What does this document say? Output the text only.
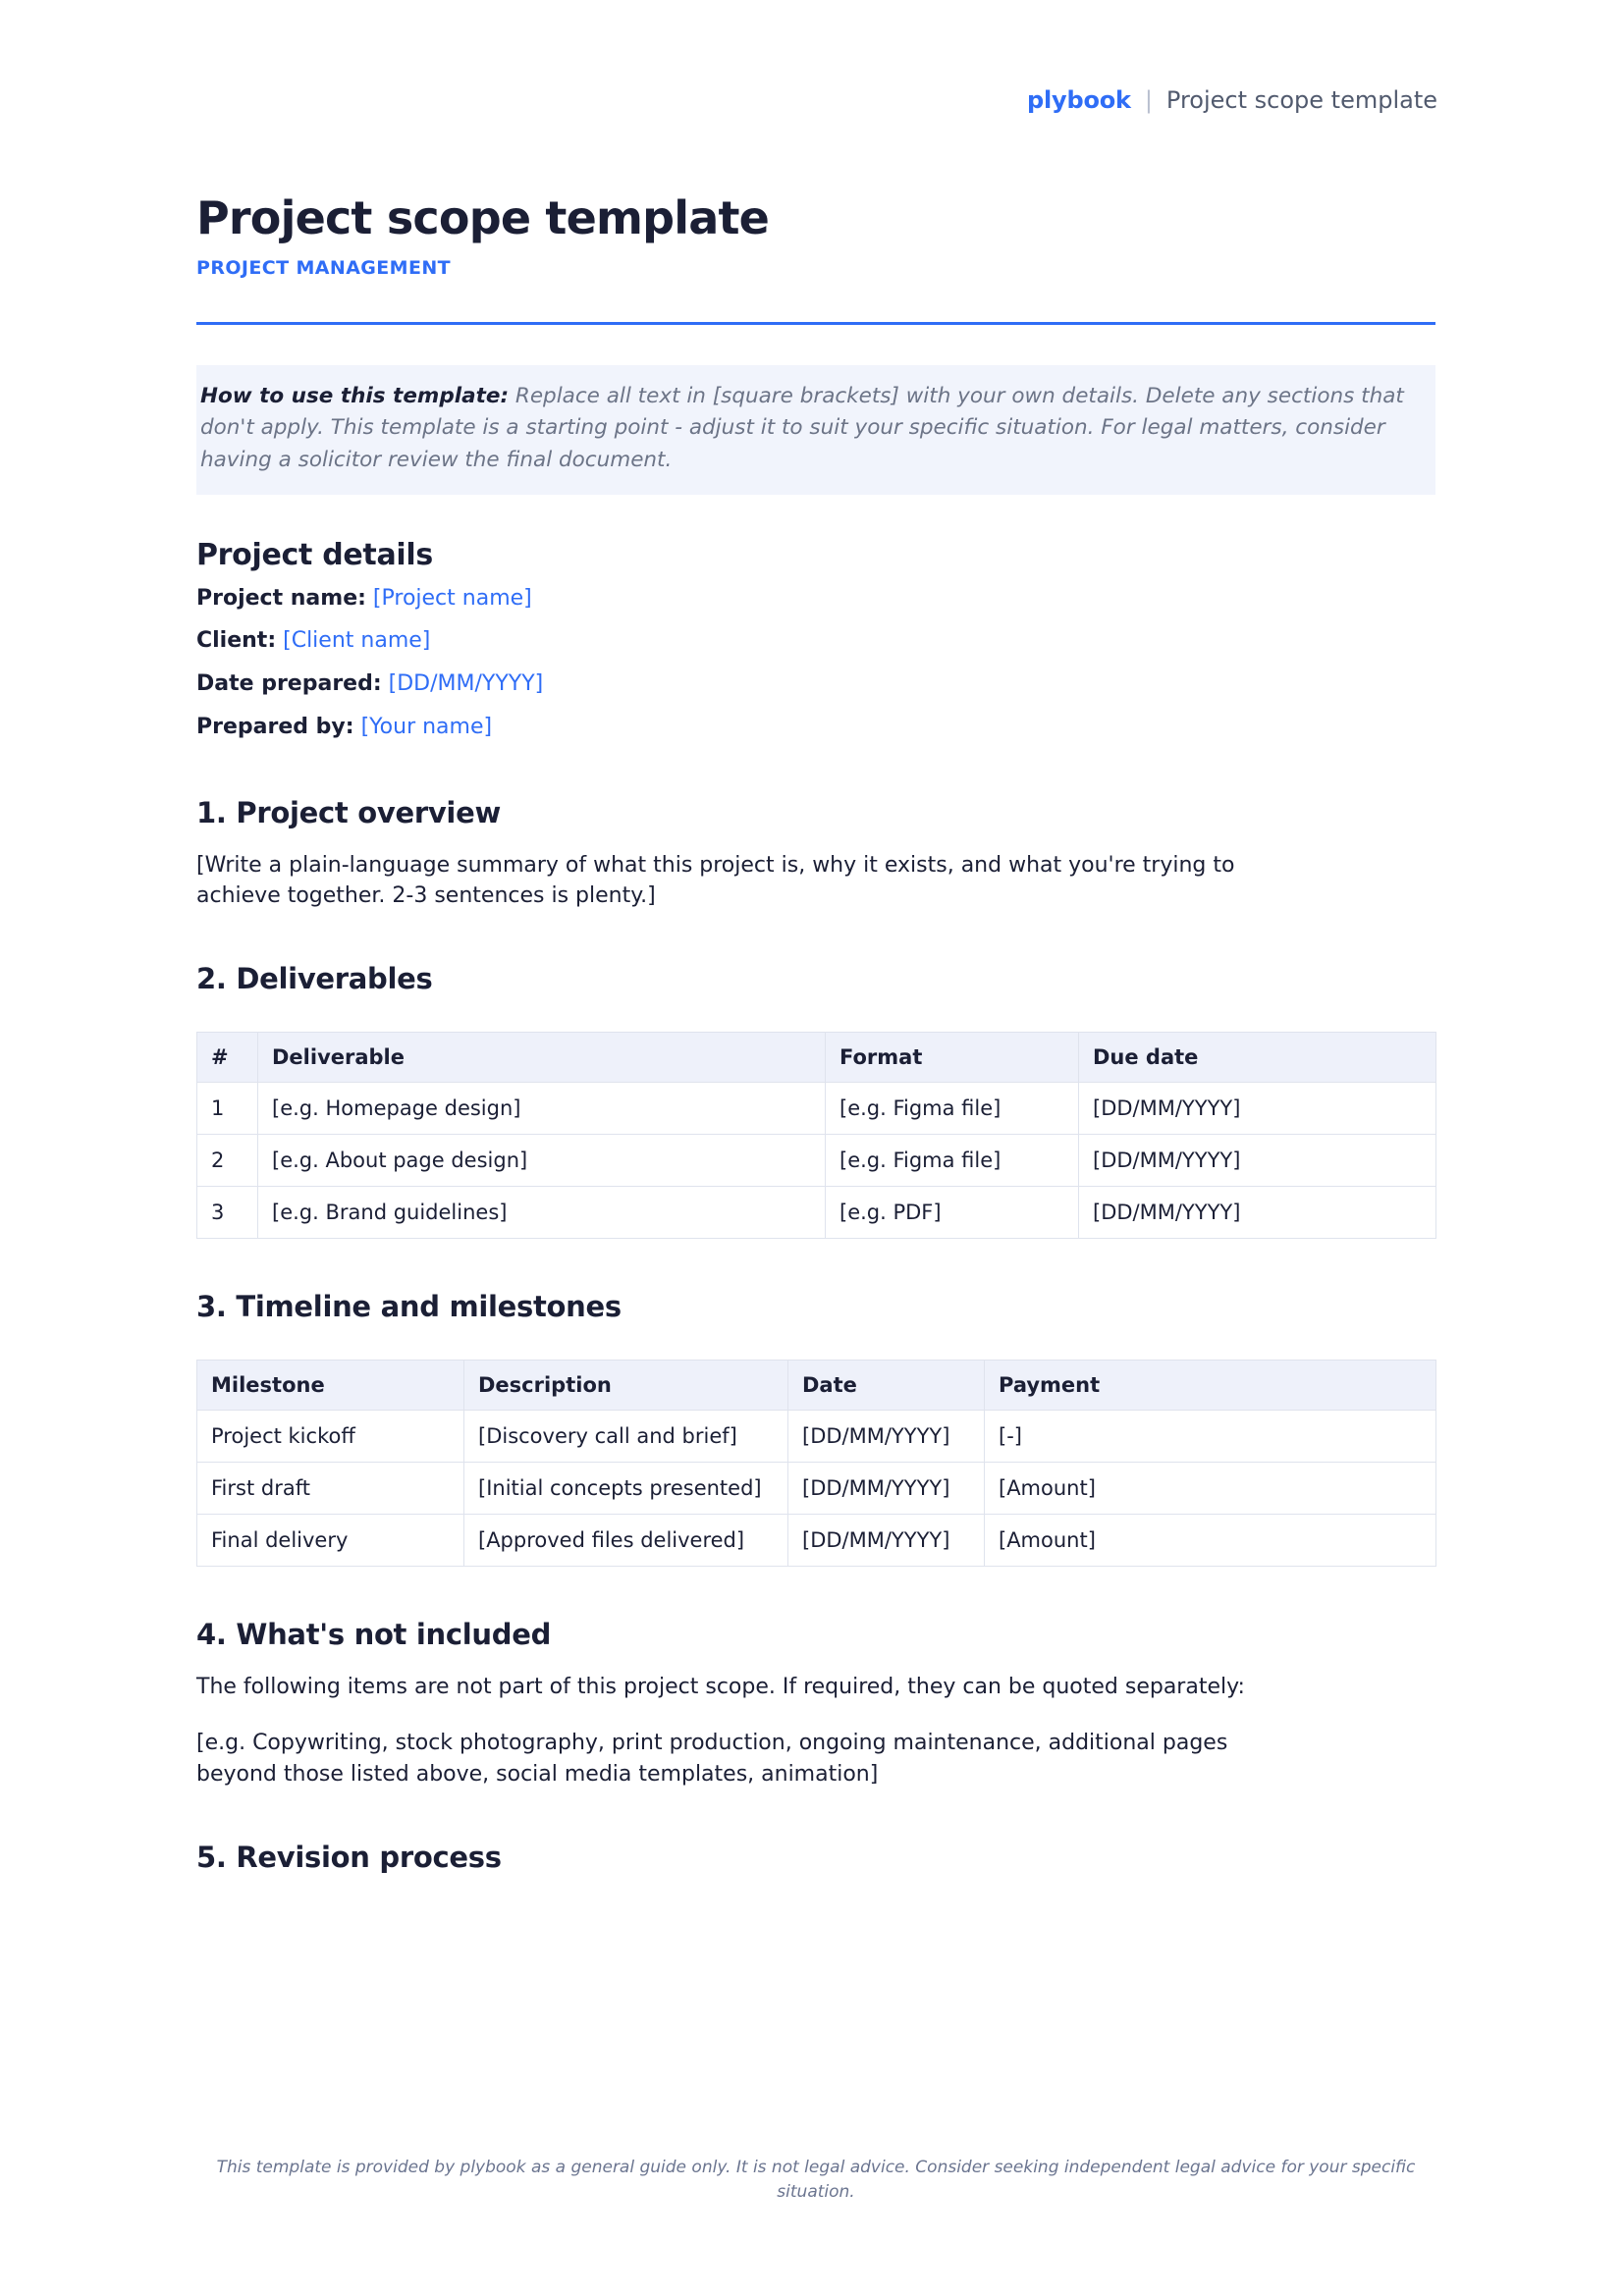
plybook | Project scope template
Project scope template
PROJECT MANAGEMENT
How to use this template: Replace all text in [square brackets] with your own details. Delete any sections that don't apply. This template is a starting point - adjust it to suit your specific situation. For legal matters, consider having a solicitor review the final document.
Project details
Project name: [Project name]
Client: [Client name]
Date prepared: [DD/MM/YYYY]
Prepared by: [Your name]
1. Project overview

[Write a plain-language summary of what this project is, why it exists, and what you're trying to achieve together. 2-3 sentences is plenty.]

2. Deliverables
#	Deliverable	Format	Due date
1	[e.g. Homepage design]	[e.g. Figma file]	[DD/MM/YYYY]
2	[e.g. About page design]	[e.g. Figma file]	[DD/MM/YYYY]
3	[e.g. Brand guidelines]	[e.g. PDF]	[DD/MM/YYYY]
3. Timeline and milestones
Milestone	Description	Date	Payment
Project kickoff	[Discovery call and brief]	[DD/MM/YYYY]	[-]
First draft	[Initial concepts presented]	[DD/MM/YYYY]	[Amount]
Final delivery	[Approved files delivered]	[DD/MM/YYYY]	[Amount]
4. What's not included

The following items are not part of this project scope. If required, they can be quoted separately:

[e.g. Copywriting, stock photography, print production, ongoing maintenance, additional pages beyond those listed above, social media templates, animation]

5. Revision process
This template is provided by plybook as a general guide only. It is not legal advice. Consider seeking independent legal advice for your specific situation.
